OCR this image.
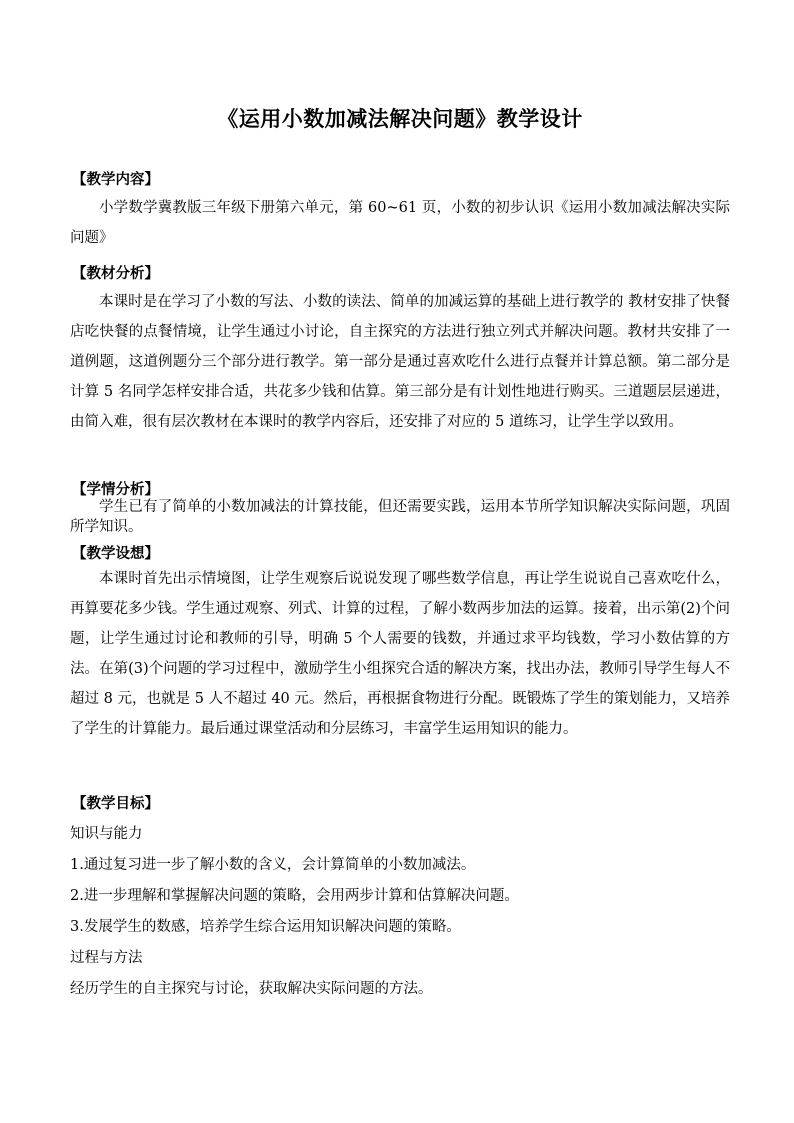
《运用小数加减法解决问题》教学设计
【教学内容】
小学数学冀教版三年级下册第六单元，第 60~61 页，小数的初步认识《运用小数加减法解决实际问题》
【教材分析】
本课时是在学习了小数的写法、小数的读法、简单的加减运算的基础上进行教学的 教材安排了快餐店吃快餐的点餐情境，让学生通过小讨论，自主探究的方法进行独立列式并解决问题。教材共安排了一道例题，这道例题分三个部分进行教学。第一部分是通过喜欢吃什么进行点餐并计算总额。第二部分是计算 5 名同学怎样安排合适，共花多少钱和估算。第三部分是有计划性地进行购买。三道题层层递进，由简入难，很有层次教材在本课时的教学内容后，还安排了对应的 5 道练习，让学生学以致用。
【学情分析】
学生已有了简单的小数加减法的计算技能，但还需要实践，运用本节所学知识解决实际问题，巩固所学知识。
【教学设想】
本课时首先出示情境图，让学生观察后说说发现了哪些数学信息，再让学生说说自己喜欢吃什么，再算要花多少钱。学生通过观察、列式、计算的过程，了解小数两步加法的运算。接着，出示第(2)个问题，让学生通过讨论和教师的引导，明确 5 个人需要的钱数，并通过求平均钱数，学习小数估算的方法。在第(3)个问题的学习过程中，激励学生小组探究合适的解决方案，找出办法，教师引导学生每人不超过 8 元，也就是 5 人不超过 40 元。然后，再根据食物进行分配。既锻炼了学生的策划能力，又培养了学生的计算能力。最后通过课堂活动和分层练习，丰富学生运用知识的能力。
【教学目标】
知识与能力
1.通过复习进一步了解小数的含义，会计算简单的小数加减法。
2.进一步理解和掌握解决问题的策略，会用两步计算和估算解决问题。
3.发展学生的数感，培养学生综合运用知识解决问题的策略。
过程与方法
经历学生的自主探究与讨论，获取解决实际问题的方法。
